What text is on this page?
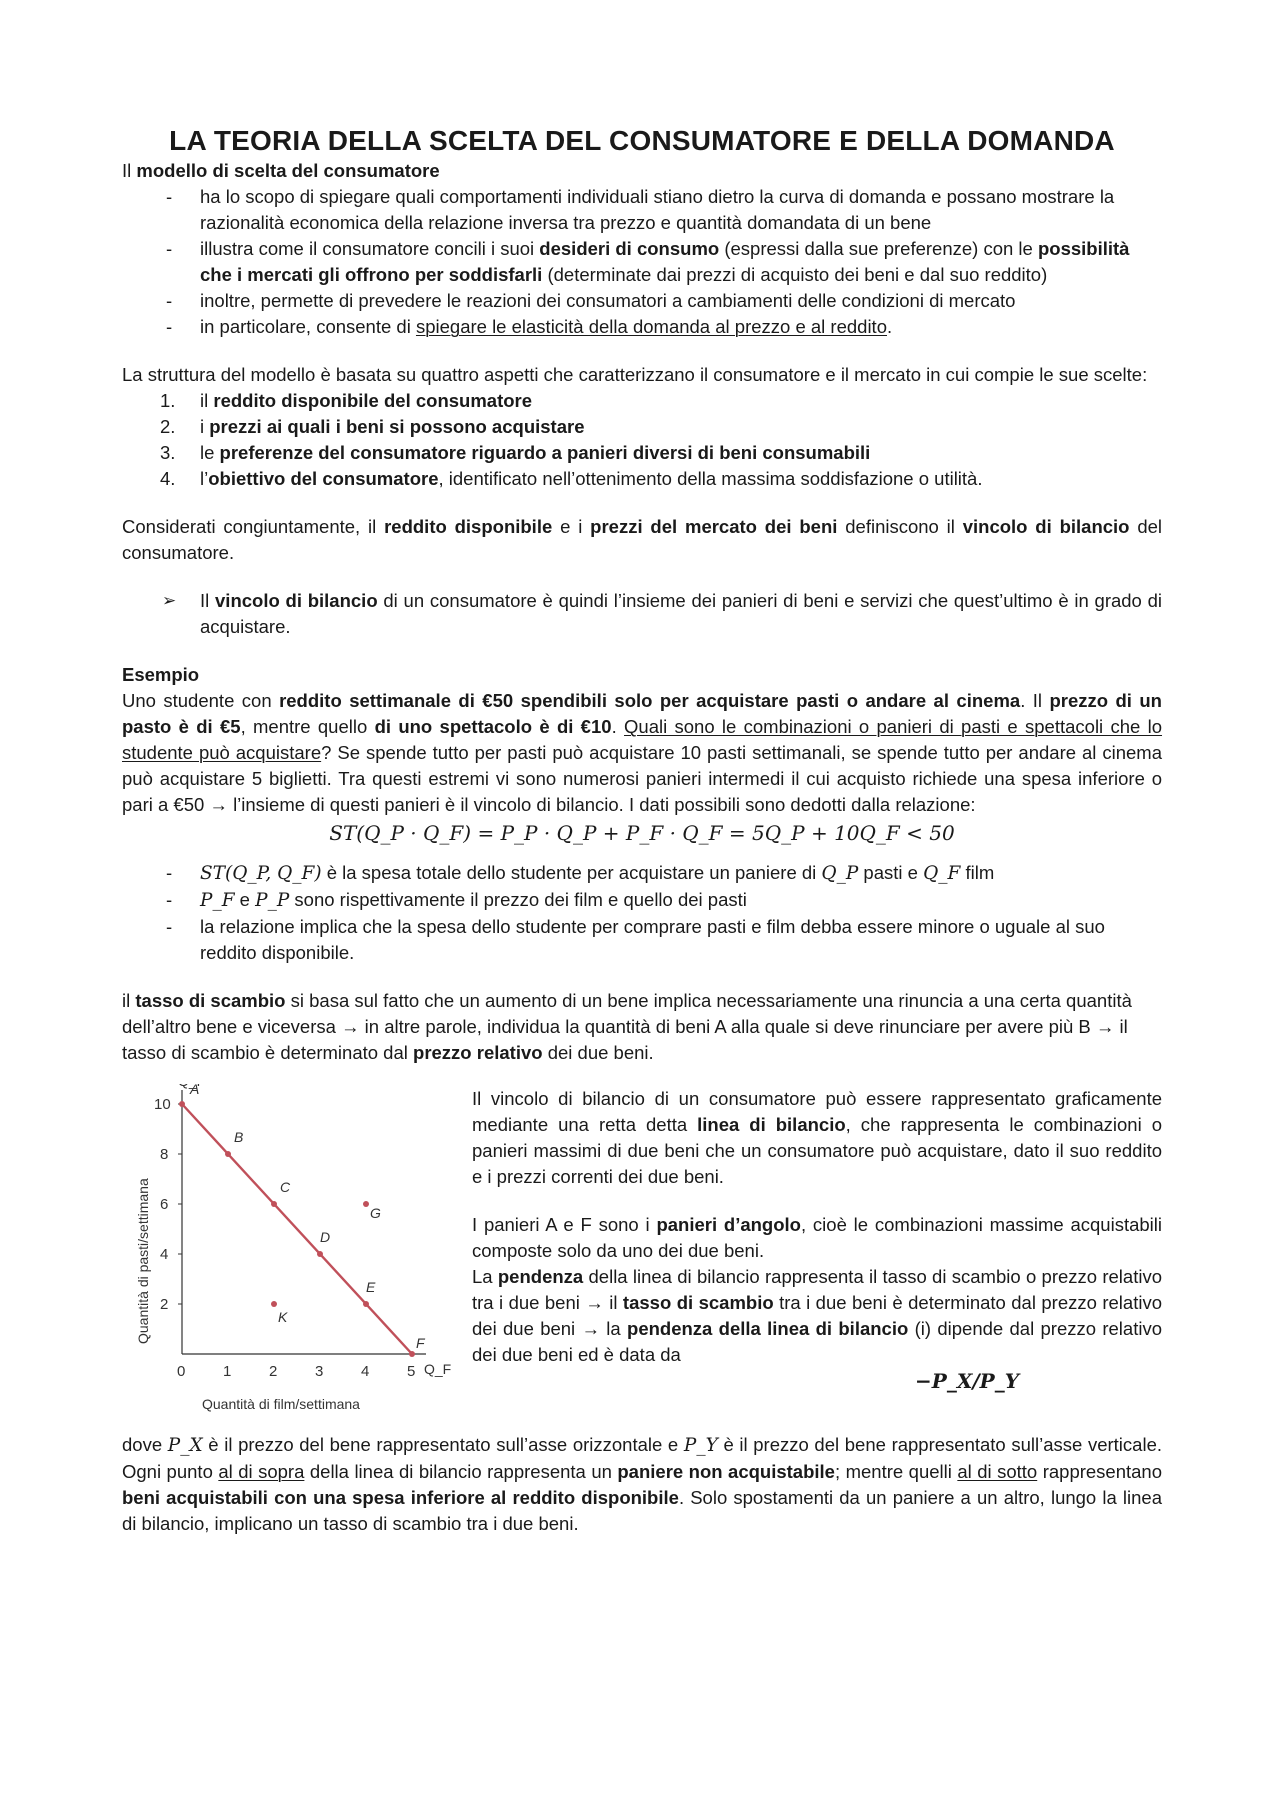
LA TEORIA DELLA SCELTA DEL CONSUMATORE E DELLA DOMANDA

Il modello di scelta del consumatore

- ha lo scopo di spiegare quali comportamenti individuali stiano dietro la curva di domanda e possano mostrare la razionalità economica della relazione inversa tra prezzo e quantità domandata di un bene
- illustra come il consumatore concili i suoi desideri di consumo (espressi dalla sue preferenze) con le possibilità che i mercati gli offrono per soddisfarli (determinate dai prezzi di acquisto dei beni e dal suo reddito)
- inoltre, permette di prevedere le reazioni dei consumatori a cambiamenti delle condizioni di mercato
- in particolare, consente di spiegare le elasticità della domanda al prezzo e al reddito.

La struttura del modello è basata su quattro aspetti che caratterizzano il consumatore e il mercato in cui compie le sue scelte:

1. il reddito disponibile del consumatore
2. i prezzi ai quali i beni si possono acquistare
3. le preferenze del consumatore riguardo a panieri diversi di beni consumabili
4. l’obiettivo del consumatore, identificato nell’ottenimento della massima soddisfazione o utilità.

Considerati congiuntamente, il reddito disponibile e i prezzi del mercato dei beni definiscono il vincolo di bilancio del consumatore.

➢ Il vincolo di bilancio di un consumatore è quindi l’insieme dei panieri di beni e servizi che quest’ultimo è in grado di acquistare.

Esempio

Uno studente con reddito settimanale di €50 spendibili solo per acquistare pasti o andare al cinema. Il prezzo di un pasto è di €5, mentre quello di uno spettacolo è di €10. Quali sono le combinazioni o panieri di pasti e spettacoli che lo studente può acquistare? Se spende tutto per pasti può acquistare 10 pasti settimanali, se spende tutto per andare al cinema può acquistare 5 biglietti. Tra questi estremi vi sono numerosi panieri intermedi il cui acquisto richiede una spesa inferiore o pari a €50 → l’insieme di questi panieri è il vincolo di bilancio. I dati possibili sono dedotti dalla relazione:

ST(Q_P · Q_F) = P_P · Q_P + P_F · Q_F = 5Q_P + 10Q_F < 50

- ST(Q_P, Q_F) è la spesa totale dello studente per acquistare un paniere di Q_P pasti e Q_F film
- P_F e P_P sono rispettivamente il prezzo dei film e quello dei pasti
- la relazione implica che la spesa dello studente per comprare pasti e film debba essere minore o uguale al suo reddito disponibile.

il tasso di scambio si basa sul fatto che un aumento di un bene implica necessariamente una rinuncia a una certa quantità dell’altro bene e viceversa → in altre parole, individua la quantità di beni A alla quale si deve rinunciare per avere più B → il tasso di scambio è determinato dal prezzo relativo dei due beni.

Q_F
0	1	2	3	4	5
2
4
6
8
10
Quantità di film/settimana
Quantità di pasti/settimana
A
B
C
D
E
F
G
K

Il vincolo di bilancio di un consumatore può essere rappresentato graficamente mediante una retta detta linea di bilancio, che rappresenta le combinazioni o panieri massimi di due beni che un consumatore può acquistare, dato il suo reddito e i prezzi correnti dei due beni.

I panieri A e F sono i panieri d’angolo, cioè le combinazioni massime acquistabili composte solo da uno dei due beni.

La pendenza della linea di bilancio rappresenta il tasso di scambio o prezzo relativo tra i due beni → il tasso di scambio tra i due beni è determinato dal prezzo relativo dei due beni → la pendenza della linea di bilancio (i) dipende dal prezzo relativo dei due beni ed è data da

−P_X/P_Y

dove P_X è il prezzo del bene rappresentato sull’asse orizzontale e P_Y è il prezzo del bene rappresentato sull’asse verticale. Ogni punto al di sopra della linea di bilancio rappresenta un paniere non acquistabile; mentre quelli al di sotto rappresentano beni acquistabili con una spesa inferiore al reddito disponibile. Solo spostamenti da un paniere a un altro, lungo la linea di bilancio, implicano un tasso di scambio tra i due beni.
